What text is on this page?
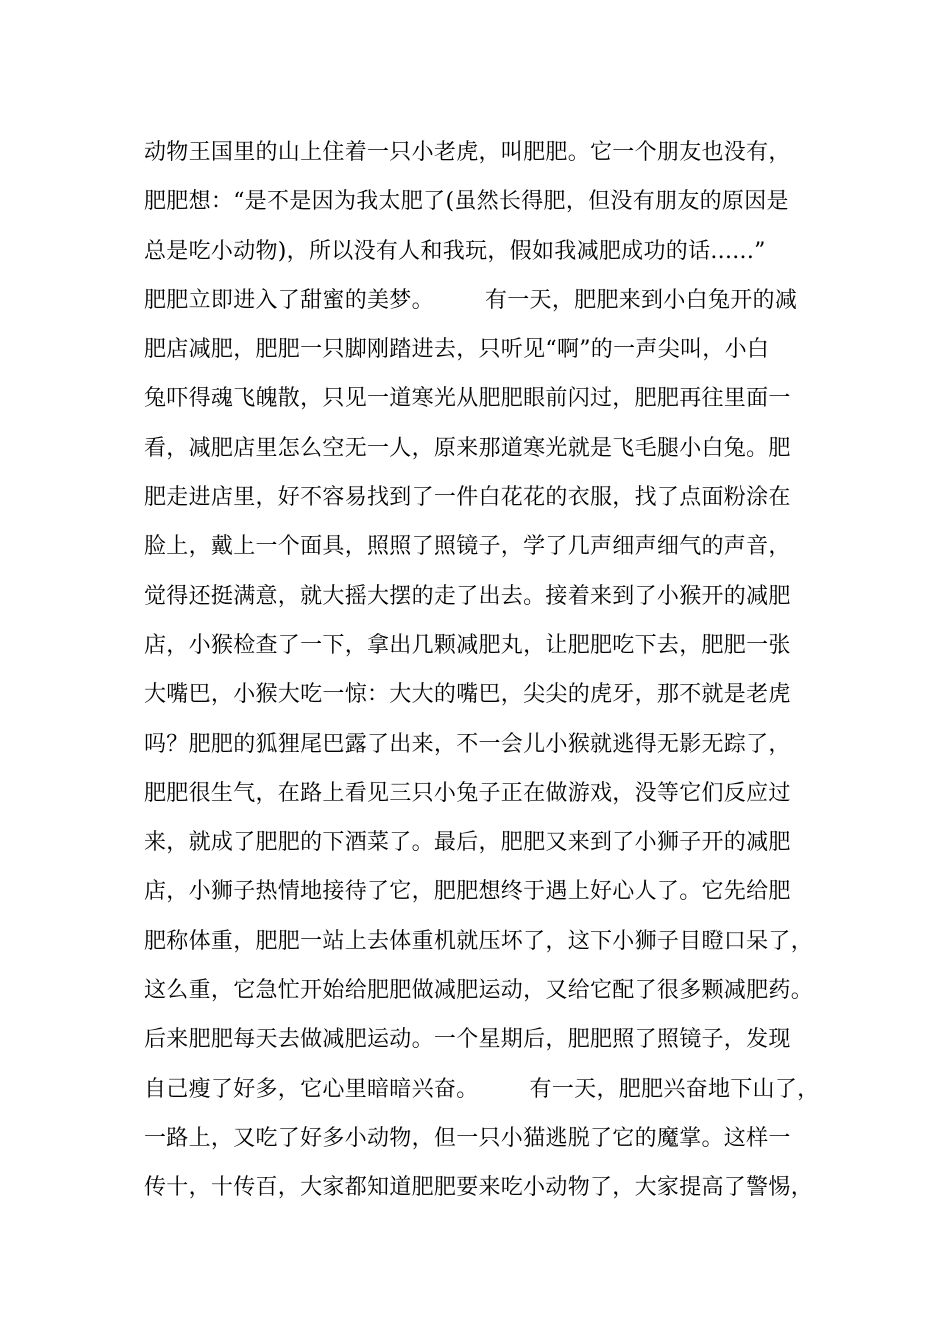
动物王国里的山上住着一只小老虎，叫肥肥。它一个朋友也没有，
肥肥想：“是不是因为我太肥了(虽然长得肥，但没有朋友的原因是
总是吃小动物)，所以没有人和我玩，假如我减肥成功的话......”
肥肥立即进入了甜蜜的美梦。       有一天，肥肥来到小白兔开的减
肥店减肥，肥肥一只脚刚踏进去，只听见“啊”的一声尖叫，小白
兔吓得魂飞魄散，只见一道寒光从肥肥眼前闪过，肥肥再往里面一
看，减肥店里怎么空无一人，原来那道寒光就是飞毛腿小白兔。肥
肥走进店里，好不容易找到了一件白花花的衣服，找了点面粉涂在
脸上，戴上一个面具，照照了照镜子，学了几声细声细气的声音，
觉得还挺满意，就大摇大摆的走了出去。接着来到了小猴开的减肥
店，小猴检查了一下，拿出几颗减肥丸，让肥肥吃下去，肥肥一张
大嘴巴，小猴大吃一惊：大大的嘴巴，尖尖的虎牙，那不就是老虎
吗？肥肥的狐狸尾巴露了出来，不一会儿小猴就逃得无影无踪了，
肥肥很生气，在路上看见三只小兔子正在做游戏，没等它们反应过
来，就成了肥肥的下酒菜了。最后，肥肥又来到了小狮子开的减肥
店，小狮子热情地接待了它，肥肥想终于遇上好心人了。它先给肥
肥称体重，肥肥一站上去体重机就压坏了，这下小狮子目瞪口呆了，
这么重，它急忙开始给肥肥做减肥运动，又给它配了很多颗减肥药。
后来肥肥每天去做减肥运动。一个星期后，肥肥照了照镜子，发现
自己瘦了好多，它心里暗暗兴奋。       有一天，肥肥兴奋地下山了，
一路上，又吃了好多小动物，但一只小猫逃脱了它的魔掌。这样一
传十，十传百，大家都知道肥肥要来吃小动物了，大家提高了警惕，
